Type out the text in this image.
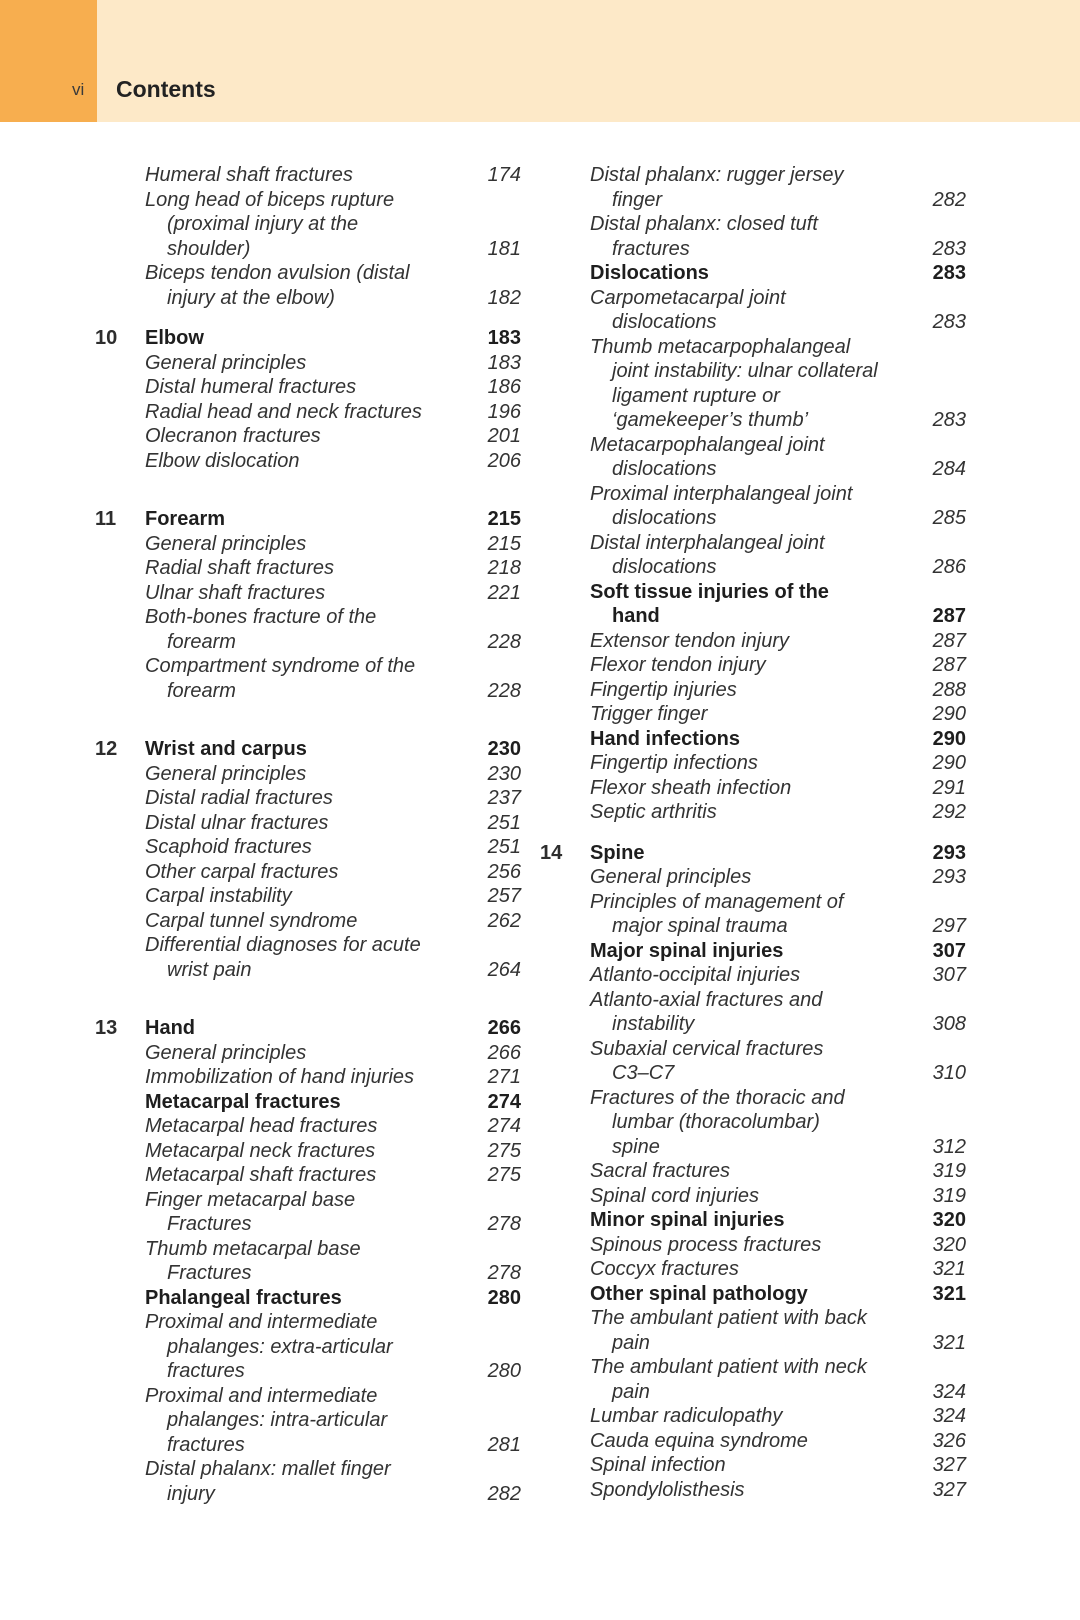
vi Contents
Humeral shaft fractures	174
Long head of biceps rupture
(proximal injury at the
shoulder)	181
Biceps tendon avulsion (distal
injury at the elbow)	182
10 Elbow	183
General principles	183
Distal humeral fractures	186
Radial head and neck fractures	196
Olecranon fractures	201
Elbow dislocation	206
11 Forearm	215
General principles	215
Radial shaft fractures	218
Ulnar shaft fractures	221
Both-bones fracture of the
forearm	228
Compartment syndrome of the
forearm	228
12 Wrist and carpus	230
General principles	230
Distal radial fractures	237
Distal ulnar fractures	251
Scaphoid fractures	251
Other carpal fractures	256
Carpal instability	257
Carpal tunnel syndrome	262
Differential diagnoses for acute
wrist pain	264
13 Hand	266
General principles	266
Immobilization of hand injuries	271
Metacarpal fractures	274
Metacarpal head fractures	274
Metacarpal neck fractures	275
Metacarpal shaft fractures	275
Finger metacarpal base
Fractures	278
Thumb metacarpal base
Fractures	278
Phalangeal fractures	280
Proximal and intermediate
phalanges: extra-articular
fractures	280
Proximal and intermediate
phalanges: intra-articular
fractures	281
Distal phalanx: mallet finger
injury	282
Distal phalanx: rugger jersey
finger	282
Distal phalanx: closed tuft
fractures	283
Dislocations	283
Carpometacarpal joint
dislocations	283
Thumb metacarpophalangeal
joint instability: ulnar collateral
ligament rupture or
‘gamekeeper’s thumb’	283
Metacarpophalangeal joint
dislocations	284
Proximal interphalangeal joint
dislocations	285
Distal interphalangeal joint
dislocations	286
Soft tissue injuries of the
hand	287
Extensor tendon injury	287
Flexor tendon injury	287
Fingertip injuries	288
Trigger finger	290
Hand infections	290
Fingertip infections	290
Flexor sheath infection	291
Septic arthritis	292
14 Spine	293
General principles	293
Principles of management of
major spinal trauma	297
Major spinal injuries	307
Atlanto-occipital injuries	307
Atlanto-axial fractures and
instability	308
Subaxial cervical fractures
C3–C7	310
Fractures of the thoracic and
lumbar (thoracolumbar)
spine	312
Sacral fractures	319
Spinal cord injuries	319
Minor spinal injuries	320
Spinous process fractures	320
Coccyx fractures	321
Other spinal pathology	321
The ambulant patient with back
pain	321
The ambulant patient with neck
pain	324
Lumbar radiculopathy	324
Cauda equina syndrome	326
Spinal infection	327
Spondylolisthesis	327
